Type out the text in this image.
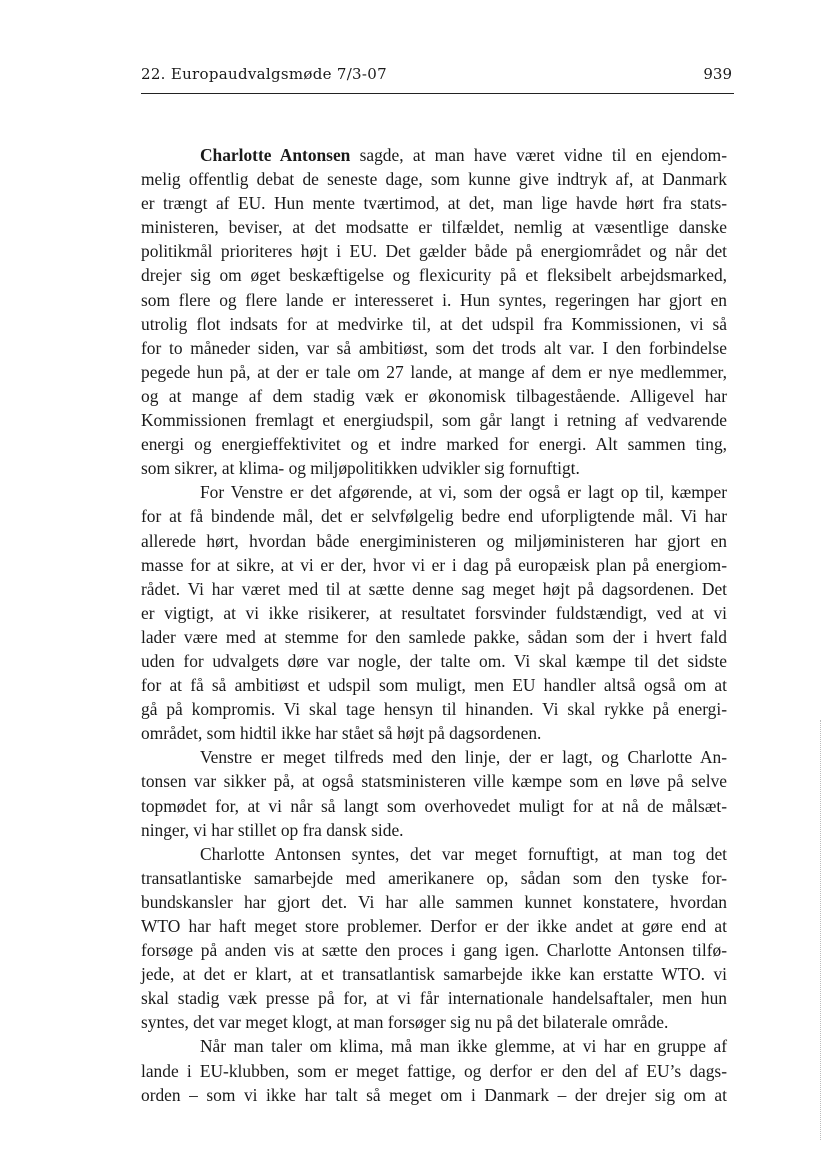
22. Europaudvalgsmøde 7/3-07	939
Charlotte Antonsen sagde, at man have været vidne til en ejendom-
melig offentlig debat de seneste dage, som kunne give indtryk af, at Danmark
er trængt af EU. Hun mente tværtimod, at det, man lige havde hørt fra stats-
ministeren, beviser, at det modsatte er tilfældet, nemlig at væsentlige danske
politikmål prioriteres højt i EU. Det gælder både på energiområdet og når det
drejer sig om øget beskæftigelse og flexicurity på et fleksibelt arbejdsmarked,
som flere og flere lande er interesseret i. Hun syntes, regeringen har gjort en
utrolig flot indsats for at medvirke til, at det udspil fra Kommissionen, vi så
for to måneder siden, var så ambitiøst, som det trods alt var. I den forbindelse
pegede hun på, at der er tale om 27 lande, at mange af dem er nye medlemmer,
og at mange af dem stadig væk er økonomisk tilbagestående. Alligevel har
Kommissionen fremlagt et energiudspil, som går langt i retning af vedvarende
energi og energieffektivitet og et indre marked for energi. Alt sammen ting,
som sikrer, at klima- og miljøpolitikken udvikler sig fornuftigt.
For Venstre er det afgørende, at vi, som der også er lagt op til, kæmper
for at få bindende mål, det er selvfølgelig bedre end uforpligtende mål. Vi har
allerede hørt, hvordan både energiministeren og miljøministeren har gjort en
masse for at sikre, at vi er der, hvor vi er i dag på europæisk plan på energiom-
rådet. Vi har været med til at sætte denne sag meget højt på dagsordenen. Det
er vigtigt, at vi ikke risikerer, at resultatet forsvinder fuldstændigt, ved at vi
lader være med at stemme for den samlede pakke, sådan som der i hvert fald
uden for udvalgets døre var nogle, der talte om. Vi skal kæmpe til det sidste
for at få så ambitiøst et udspil som muligt, men EU handler altså også om at
gå på kompromis. Vi skal tage hensyn til hinanden. Vi skal rykke på energi-
området, som hidtil ikke har stået så højt på dagsordenen.
Venstre er meget tilfreds med den linje, der er lagt, og Charlotte An-
tonsen var sikker på, at også statsministeren ville kæmpe som en løve på selve
topmødet for, at vi når så langt som overhovedet muligt for at nå de målsæt-
ninger, vi har stillet op fra dansk side.
Charlotte Antonsen syntes, det var meget fornuftigt, at man tog det
transatlantiske samarbejde med amerikanere op, sådan som den tyske for-
bundskansler har gjort det. Vi har alle sammen kunnet konstatere, hvordan
WTO har haft meget store problemer. Derfor er der ikke andet at gøre end at
forsøge på anden vis at sætte den proces i gang igen. Charlotte Antonsen tilfø-
jede, at det er klart, at et transatlantisk samarbejde ikke kan erstatte WTO. vi
skal stadig væk presse på for, at vi får internationale handelsaftaler, men hun
syntes, det var meget klogt, at man forsøger sig nu på det bilaterale område.
Når man taler om klima, må man ikke glemme, at vi har en gruppe af
lande i EU-klubben, som er meget fattige, og derfor er den del af EU’s dags-
orden – som vi ikke har talt så meget om i Danmark – der drejer sig om at
